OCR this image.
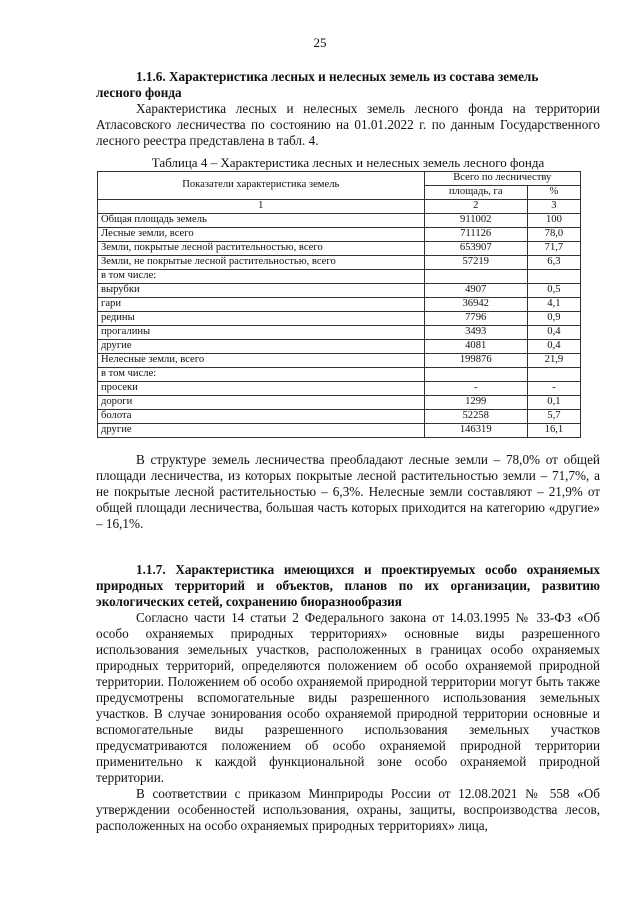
25
1.1.6. Характеристика лесных и нелесных земель из состава земель
лесного фонда
Характеристика лесных и нелесных земель лесного фонда на территории Атласовского лесничества по состоянию на 01.01.2022 г. по данным Государственного лесного реестра представлена в табл. 4.
Таблица 4 – Характеристика лесных и нелесных земель лесного фонда
Показатели характеристика земель	Всего по лесничеству	
	площадь, га	%
1	2	3
Общая площадь земель	911002	100
Лесные земли, всего	711126	78,0
Земли, покрытые лесной растительностью, всего	653907	71,7
Земли, не покрытые лесной растительностью, всего	57219	6,3
в том числе:		
вырубки	4907	0,5
гари	36942	4,1
редины	7796	0,9
прогалины	3493	0,4
другие	4081	0,4
Нелесные земли, всего	199876	21,9
в том числе:		
просеки	-	-
дороги	1299	0,1
болота	52258	5,7
другие	146319	16,1
В структуре земель лесничества преобладают лесные земли – 78,0% от общей площади лесничества, из которых покрытые лесной растительностью земли – 71,7%, а не покрытые лесной растительностью – 6,3%. Нелесные земли составляют – 21,9% от общей площади лесничества, большая часть которых приходится на категорию «другие» – 16,1%.
1.1.7. Характеристика имеющихся и проектируемых особо охраняемых природных территорий и объектов, планов по их организации, развитию экологических сетей, сохранению биоразнообразия
Согласно части 14 статьи 2 Федерального закона от 14.03.1995 № 33-ФЗ «Об особо охраняемых природных территориях» основные виды разрешенного использования земельных участков, расположенных в границах особо охраняемых природных территорий, определяются положением об особо охраняемой природной территории. Положением об особо охраняемой природной территории могут быть также предусмотрены вспомогательные виды разрешенного использования земельных участков. В случае зонирования особо охраняемой природной территории основные и вспомогательные виды разрешенного использования земельных участков предусматриваются положением об особо охраняемой природной территории применительно к каждой функциональной зоне особо охраняемой природной территории.
В соответствии с приказом Минприроды России от 12.08.2021 № 558 «Об утверждении особенностей использования, охраны, защиты, воспроизводства лесов, расположенных на особо охраняемых природных территориях» лица,
